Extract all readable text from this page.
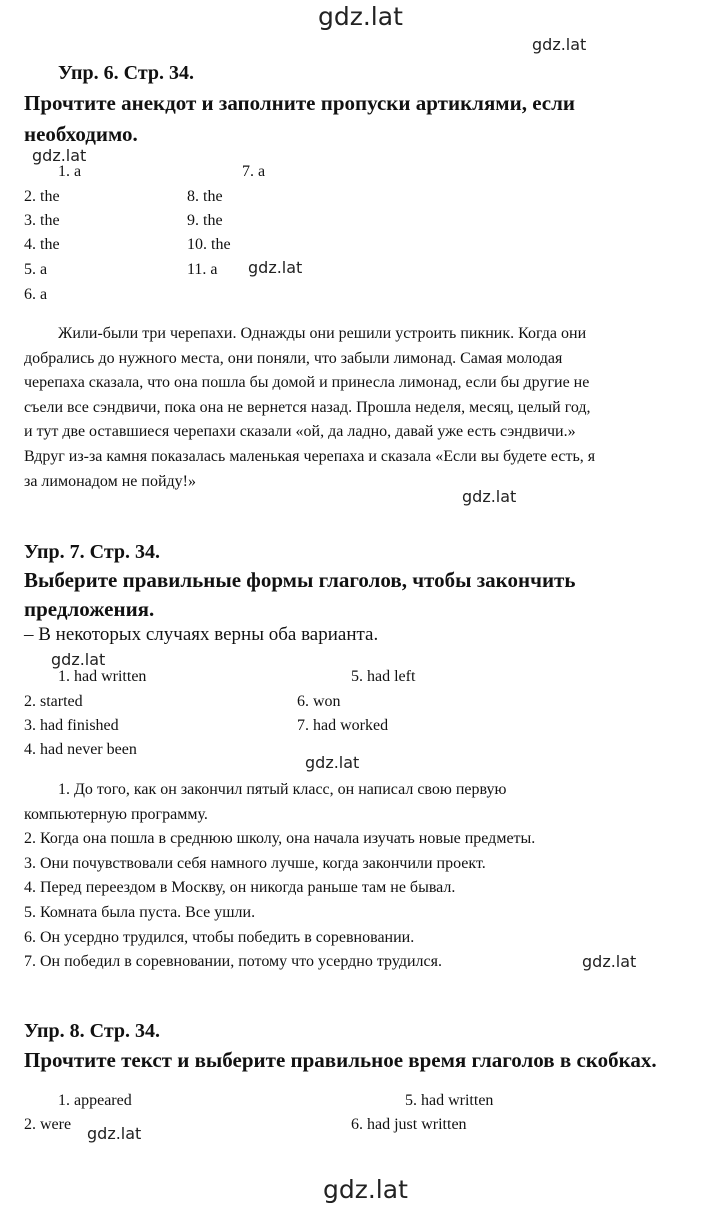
gdz.lat
gdz.lat
Упр. 6. Стр. 34.
Прочтите анекдот и заполните пропуски артиклями, если
необходимо.
gdz.lat
1. a
2. the
3. the
4. the
5. a
6. a
7. a
8. the
9. the
10. the
11. a gdz.lat
Жили-были три черепахи. Однажды они решили устроить пикник. Когда они
добрались до нужного места, они поняли, что забыли лимонад. Самая молодая
черепаха сказала, что она пошла бы домой и принесла лимонад, если бы другие не
съели все сэндвичи, пока она не вернется назад. Прошла неделя, месяц, целый год,
и тут две оставшиеся черепахи сказали «ой, да ладно, давай уже есть сэндвичи.»
Вдруг из-за камня показалась маленькая черепаха и сказала «Если вы будете есть, я
за лимонадом не пойду!»
gdz.lat
Упр. 7. Стр. 34.
Выберите правильные формы глаголов, чтобы закончить
предложения.
– В некоторых случаях верны оба варианта.
gdz.lat
1. had written
2. started
3. had finished
4. had never been
5. had left
6. won
7. had worked
gdz.lat
1. До того, как он закончил пятый класс, он написал свою первую
компьютерную программу.
2. Когда она пошла в среднюю школу, она начала изучать новые предметы.
3. Они почувствовали себя намного лучше, когда закончили проект.
4. Перед переездом в Москву, он никогда раньше там не бывал.
5. Комната была пуста. Все ушли.
6. Он усердно трудился, чтобы победить в соревновании.
7. Он победил в соревновании, потому что усердно трудился.	gdz.lat
Упр. 8. Стр. 34.
Прочтите текст и выберите правильное время глаголов в скобках.
1. appeared
2. were gdz.lat
5. had written
6. had just written
gdz.lat
